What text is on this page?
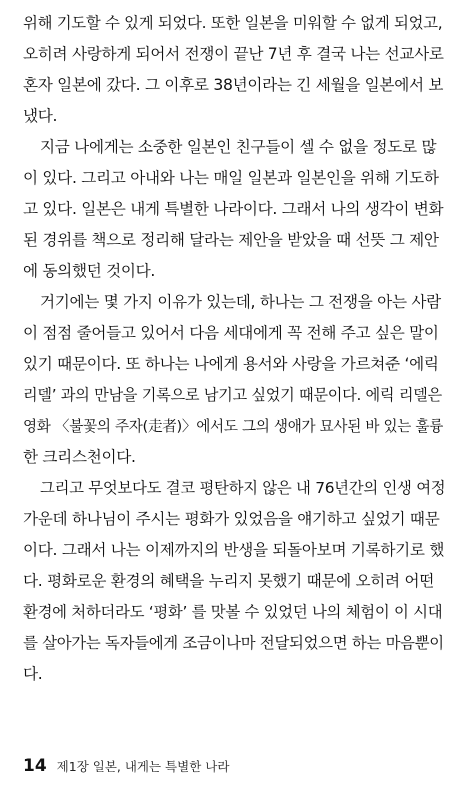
위해 기도할 수 있게 되었다. 또한 일본을 미워할 수 없게 되었고,
오히려 사랑하게 되어서 전쟁이 끝난 7년 후 결국 나는 선교사로
혼자 일본에 갔다. 그 이후로 38년이라는 긴 세월을 일본에서 보
냈다.
지금 나에게는 소중한 일본인 친구들이 셀 수 없을 정도로 많
이 있다. 그리고 아내와 나는 매일 일본과 일본인을 위해 기도하
고 있다. 일본은 내게 특별한 나라이다. 그래서 나의 생각이 변화
된 경위를 책으로 정리해 달라는 제안을 받았을 때 선뜻 그 제안
에 동의했던 것이다.
거기에는 몇 가지 이유가 있는데, 하나는 그 전쟁을 아는 사람
이 점점 줄어들고 있어서 다음 세대에게 꼭 전해 주고 싶은 말이
있기 때문이다. 또 하나는 나에게 용서와 사랑을 가르쳐준 ‘에릭
리델’ 과의 만남을 기록으로 남기고 싶었기 때문이다. 에릭 리델은
영화 〈불꽃의 주자(走者)〉에서도 그의 생애가 묘사된 바 있는 훌륭
한 크리스천이다.
그리고 무엇보다도 결코 평탄하지 않은 내 76년간의 인생 여정
가운데 하나님이 주시는 평화가 있었음을 얘기하고 싶었기 때문
이다. 그래서 나는 이제까지의 반생을 되돌아보며 기록하기로 했
다. 평화로운 환경의 혜택을 누리지 못했기 때문에 오히려 어떤
환경에 처하더라도 ‘평화’ 를 맛볼 수 있었던 나의 체험이 이 시대
를 살아가는 독자들에게 조금이나마 전달되었으면 하는 마음뿐이
다.
14 제1장 일본, 내게는 특별한 나라
